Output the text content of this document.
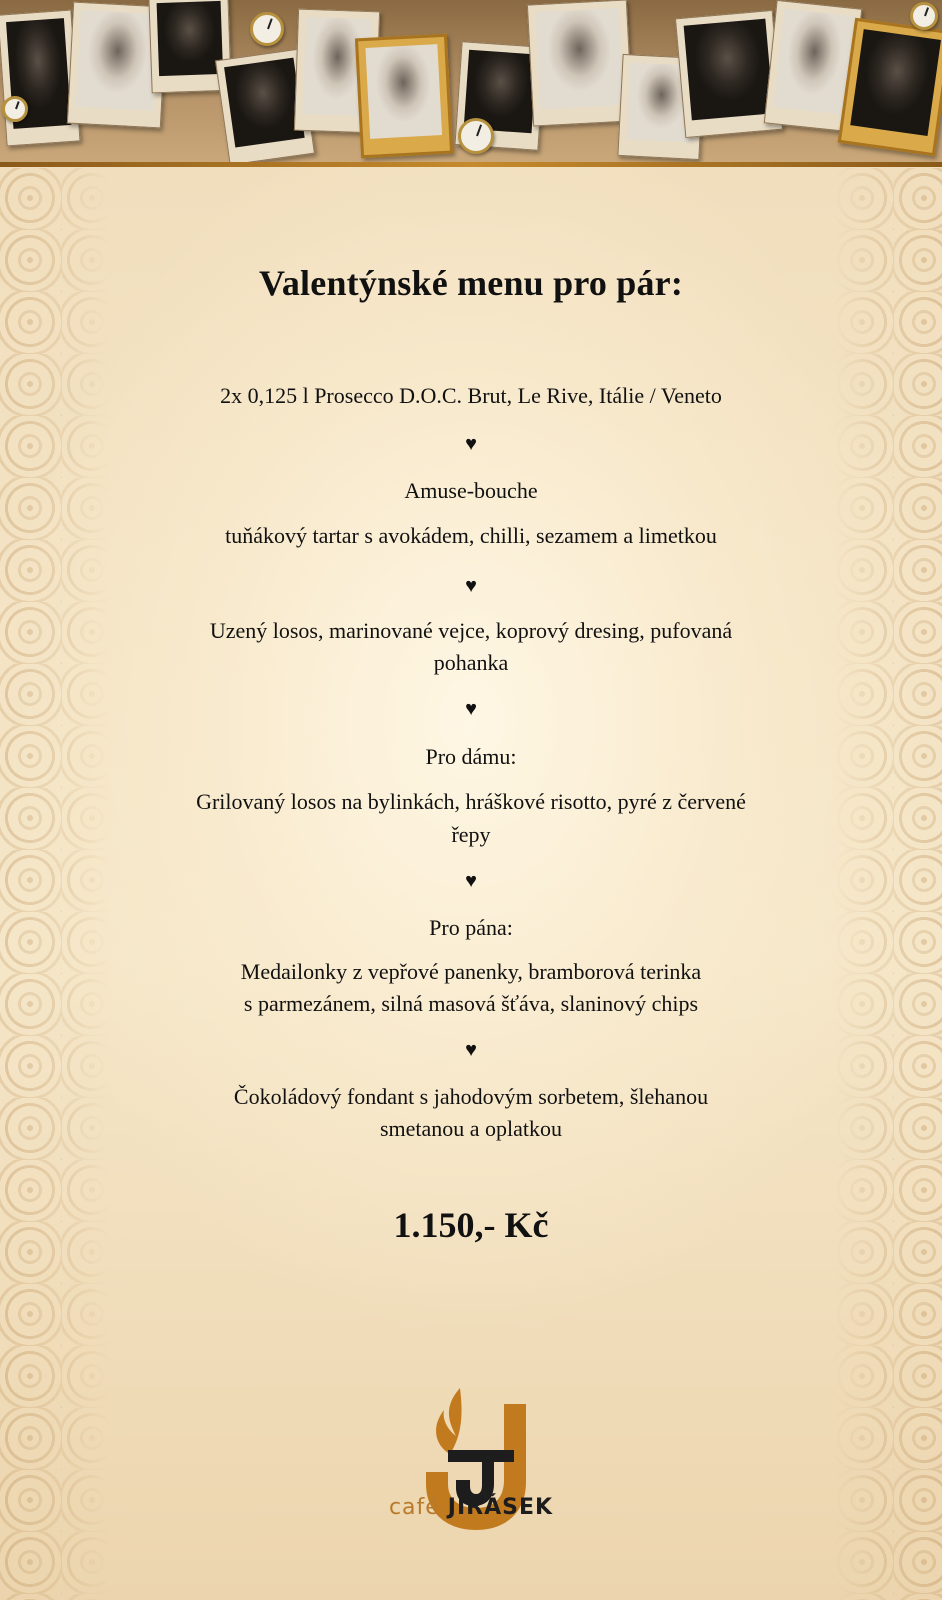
Valentýnské menu pro pár:
2x 0,125 l Prosecco D.O.C. Brut, Le Rive, Itálie / Veneto
♥
Amuse-bouche
tuňákový tartar s avokádem, chilli, sezamem a limetkou
♥
Uzený losos, marinované vejce, koprový dresing, pufovaná
pohanka
♥
Pro dámu:
Grilovaný losos na bylinkách, hráškové risotto, pyré z červené
řepy
♥
Pro pána:
Medailonky z vepřové panenky, bramborová terinka
s parmezánem, silná masová šťáva, slaninový chips
♥
Čokoládový fondant s jahodovým sorbetem, šlehanou
smetanou a oplatkou
1.150,- Kč
café JIRÁSEK
